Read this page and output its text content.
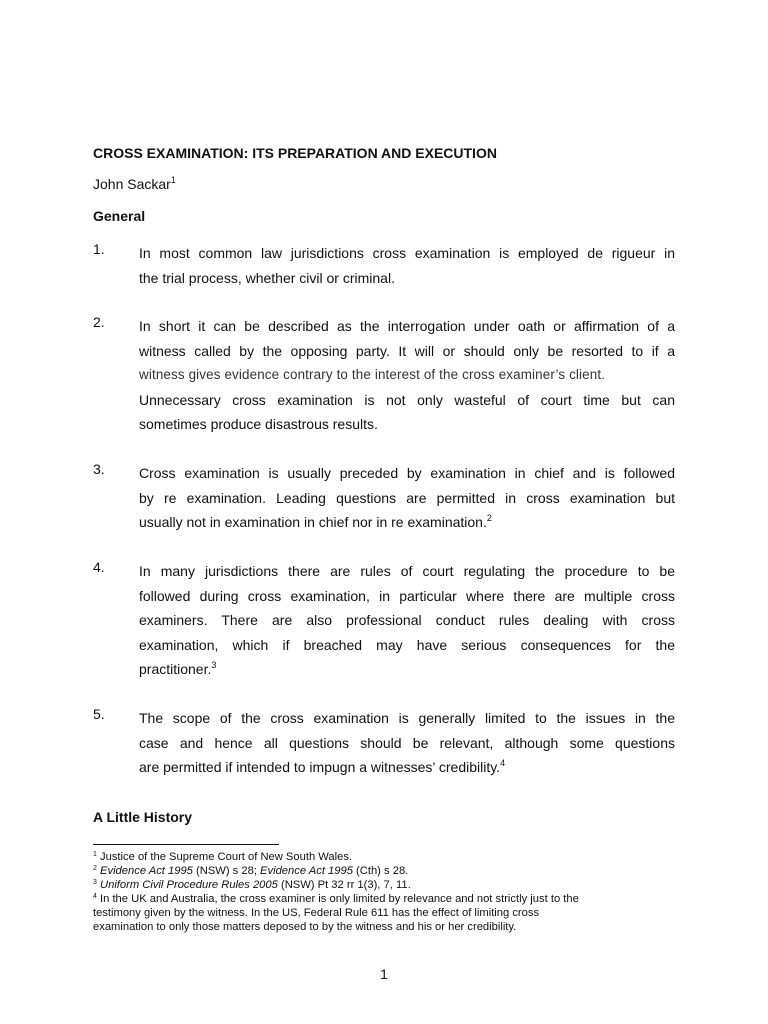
CROSS EXAMINATION: ITS PREPARATION AND EXECUTION
John Sackar$^1$
General
1. In most common law jurisdictions cross examination is employed de rigueur in
the trial process, whether civil or criminal.
2. In short it can be described as the interrogation under oath or affirmation of a
witness called by the opposing party. It will or should only be resorted to if a
witness gives evidence contrary to the interest of the cross examiner’s client.
Unnecessary cross examination is not only wasteful of court time but can
sometimes produce disastrous results.
3. Cross examination is usually preceded by examination in chief and is followed
by re examination. Leading questions are permitted in cross examination but
usually not in examination in chief nor in re examination.$^2$
4. In many jurisdictions there are rules of court regulating the procedure to be
followed during cross examination, in particular where there are multiple cross
examiners. There are also professional conduct rules dealing with cross
examination, which if breached may have serious consequences for the
practitioner.$^3$
5. The scope of the cross examination is generally limited to the issues in the
case and hence all questions should be relevant, although some questions
are permitted if intended to impugn a witnesses’ credibility.$^4$
A Little History
$^1$ Justice of the Supreme Court of New South Wales.
$^2$ Evidence Act 1995 (NSW) s 28; Evidence Act 1995 (Cth) s 28.
$^3$ Uniform Civil Procedure Rules 2005 (NSW) Pt 32 rr 1(3), 7, 11.
$^4$ In the UK and Australia, the cross examiner is only limited by relevance and not strictly just to the
testimony given by the witness. In the US, Federal Rule 611 has the effect of limiting cross
examination to only those matters deposed to by the witness and his or her credibility.
1
